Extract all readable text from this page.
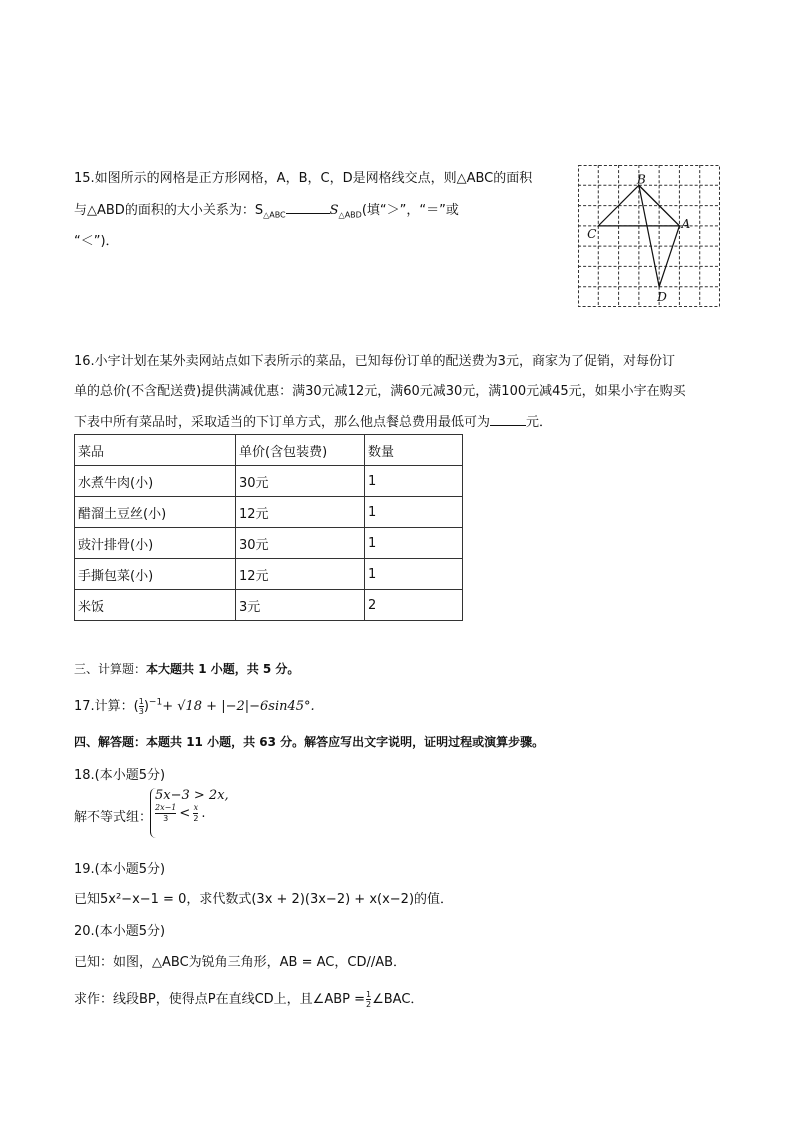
15.如图所示的网格是正方形网格，A，B，C，D是网格线交点，则△ABC的面积
与△ABD的面积的大小关系为：$S_{\triangle ABC}$	$S_{\triangle ABD}$(填“＞”，“＝”或
“＜”)．
B
C
A
D
16.小宇计划在某外卖网站点如下表所示的菜品，已知每份订单的配送费为3元，商家为了促销，对每份订
单的总价(不含配送费)提供满减优惠：满30元减12元，满60元减30元，满100元减45元，如果小宇在购买
下表中所有菜品时，采取适当的下订单方式，那么他点餐总费用最低可为	元．
菜品	单价(含包装费)	数量
水煮牛肉(小)	30元	1
醋溜土豆丝(小)	12元	1
豉汁排骨(小)	30元	1
手撕包菜(小)	12元	1
米饭	3元	2
三、计算题：本大题共 1 小题，共 5 分。
17.计算：( $\frac{1}{3} )^{-1}+ √18 + |-2|-6\sin 45^\circ$.
四、解答题：本题共 11 小题，共 63 分。解答应写出文字说明，证明过程或演算步骤。
18.(本小题5分)
解不等式组：
5x−3 > 2x,
$\frac{2x-1}{3} < \frac{x}{2}$ .
19.(本小题5分)
已知5x²−x−1 = 0，求代数式(3x + 2)(3x−2) + x(x−2)的值．
20.(本小题5分)
已知：如图，△ABC为锐角三角形，AB = AC，CD//AB．
求作：线段BP，使得点P在直线CD上，且∠ABP = $\frac{1}{2}$ ∠BAC．
